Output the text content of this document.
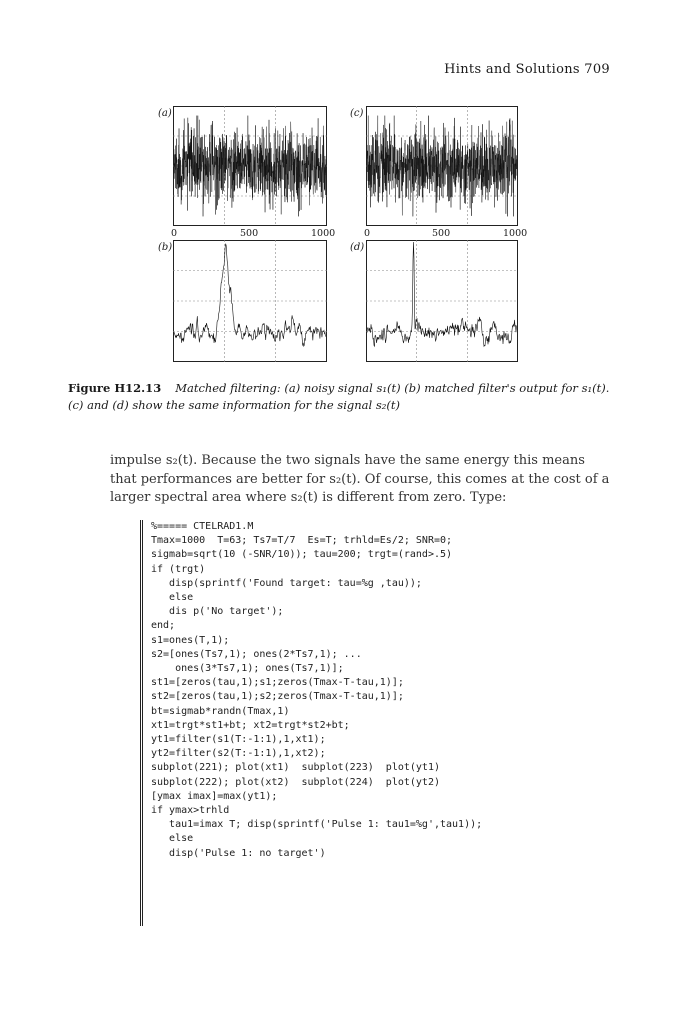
Hints and Solutions 709
(a)	(c)
(b)	(d)
0	500	1000	0	500	1000
Figure H12.13 Matched filtering: (a) noisy signal s₁(t) (b) matched filter's output for s₁(t). (c) and (d) show the same information for the signal s₂(t)

impulse s₂(t). Because the two signals have the same energy this means that performances are better for s₂(t). Of course, this comes at the cost of a larger spectral area where s₂(t) is different from zero. Type:

%===== CTELRAD1.M
Tmax=1000  T=63; Ts7=T/7  Es=T; trhld=Es/2; SNR=0;
sigmab=sqrt(10 (-SNR/10)); tau=200; trgt=(rand>.5)
if (trgt)
disp(sprintf('Found target: tau=%g ,tau));
else
dis p('No target');
end;
s1=ones(T,1);
s2=[ones(Ts7,1); ones(2*Ts7,1); ...
ones(3*Ts7,1); ones(Ts7,1)];
st1=[zeros(tau,1);s1;zeros(Tmax-T-tau,1)];
st2=[zeros(tau,1);s2;zeros(Tmax-T-tau,1)];
bt=sigmab*randn(Tmax,1)
xt1=trgt*st1+bt; xt2=trgt*st2+bt;
yt1=filter(s1(T:-1:1),1,xt1);
yt2=filter(s2(T:-1:1),1,xt2);
subplot(221); plot(xt1)  subplot(223)  plot(yt1)
subplot(222); plot(xt2)  subplot(224)  plot(yt2)
[ymax imax]=max(yt1);
if ymax>trhld
tau1=imax T; disp(sprintf('Pulse 1: tau1=%g',tau1));
else
disp('Pulse 1: no target')
